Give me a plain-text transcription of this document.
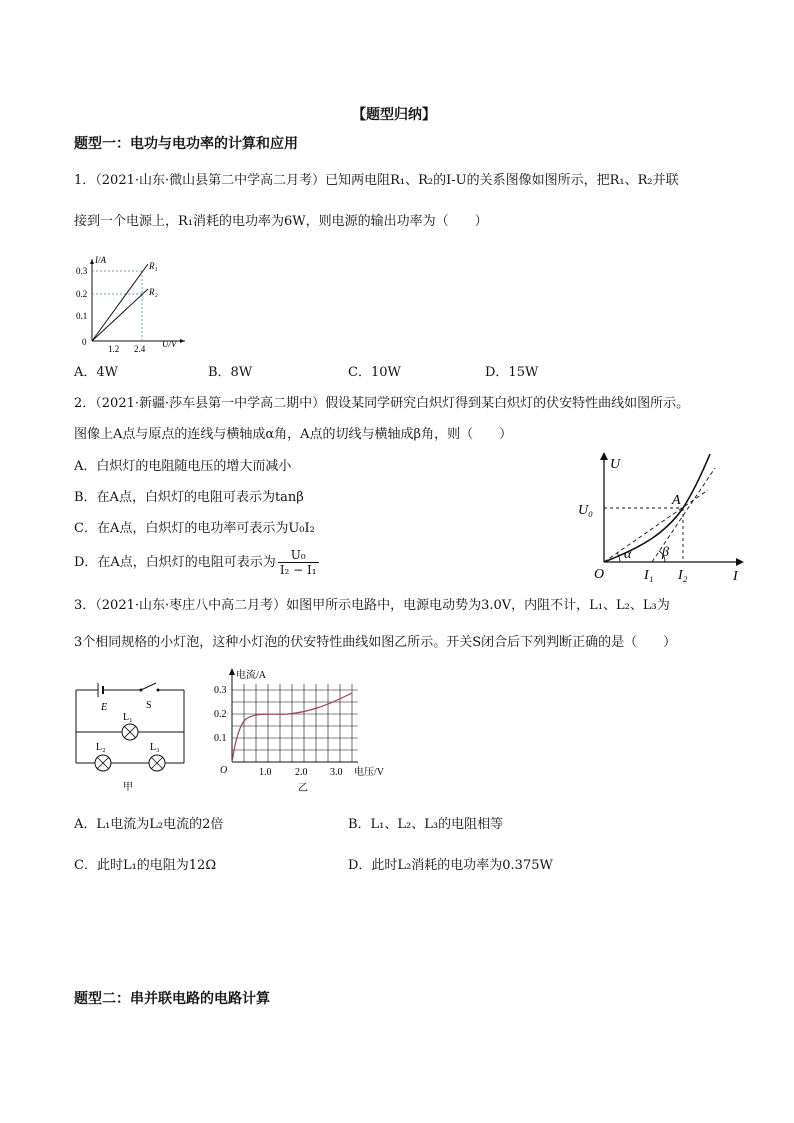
【题型归纳】
题型一：电功与电功率的计算和应用
1．（2021·山东·微山县第二中学高二月考）已知两电阻R₁、R₂的I-U的关系图像如图所示，把R₁、R₂并联
接到一个电源上，R₁消耗的电功率为6W，则电源的输出功率为（　　）
I/A
0.3
0.2
0.1
0
1.2 2.4 U/V
R₁
R₂
A．4W	B．8W	C．10W	D．15W
2．（2021·新疆·莎车县第一中学高二期中）假设某同学研究白炽灯得到某白炽灯的伏安特性曲线如图所示。
图像上A点与原点的连线与横轴成α角，A点的切线与横轴成β角，则（　　）
A．白炽灯的电阻随电压的增大而减小
B．在A点，白炽灯的电阻可表示为tanβ
C．在A点，白炽灯的电功率可表示为U₀I₂
D．在A点，白炽灯的电阻可表示为 $\frac{\text{U₀}}{\text{I₂ − I₁}}$
U
I
U₀
A
O	I₁ I₂
α β
3．（2021·山东·枣庄八中高二月考）如图甲所示电路中，电源电动势为3.0V，内阻不计，L₁、L₂、L₃为
3个相同规格的小灯泡，这种小灯泡的伏安特性曲线如图乙所示。开关S闭合后下列判断正确的是（　　）
E	S
L₁
L₂	L₃
甲
电流/A
0.3
0.2
0.1
O	1.0 2.0 3.0 电压/V
乙
A．L₁电流为L₂电流的2倍	B．L₁、L₂、L₃的电阻相等
C．此时L₁的电阻为12Ω	D．此时L₂消耗的电功率为0.375W
题型二：串并联电路的电路计算
